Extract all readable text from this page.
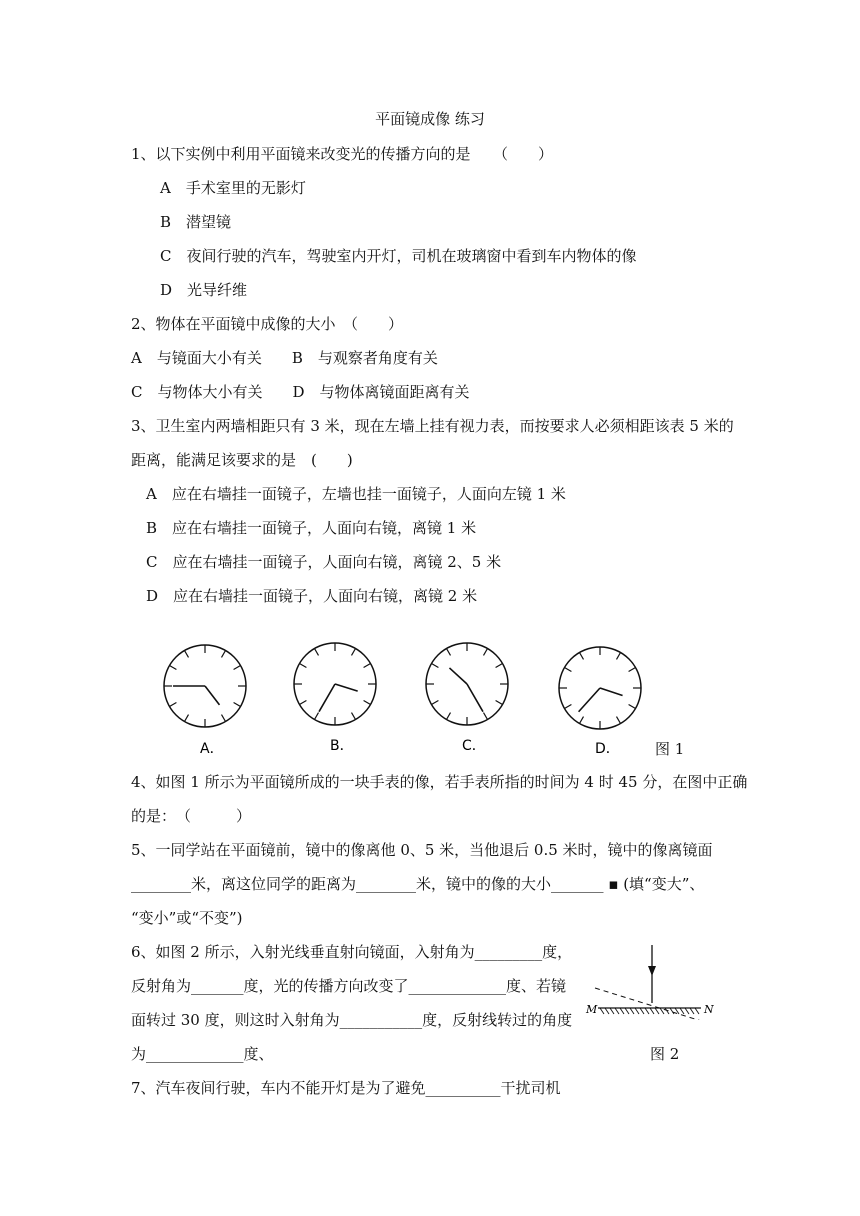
平面镜成像 练习
1、以下实例中利用平面镜来改变光的传播方向的是　　（　　）
A　手术室里的无影灯
B　潜望镜
C　夜间行驶的汽车，驾驶室内开灯，司机在玻璃窗中看到车内物体的像
D　光导纤维
2、物体在平面镜中成像的大小　（　　）
A　与镜面大小有关　　B　与观察者角度有关
C　与物体大小有关　　D　与物体离镜面距离有关
3、卫生室内两墙相距只有 3 米，现在左墙上挂有视力表，而按要求人必须相距该表 5 米的
距离，能满足该要求的是　(　　)
A　应在右墙挂一面镜子，左墙也挂一面镜子，人面向左镜 1 米
B　应在右墙挂一面镜子，人面向右镜，离镜 1 米
C　应在右墙挂一面镜子，人面向右镜，离镜 2、5 米
D　应在右墙挂一面镜子，人面向右镜，离镜 2 米
A．	B．	C．	D． 图 1
4、如图 1 所示为平面镜所成的一块手表的像，若手表所指的时间为 4 时 45 分，在图中正确
的是：　（　　　）
5、一同学站在平面镜前，镜中的像离他 0、5 米，当他退后 0.5 米时，镜中的像离镜面
________米，离这位同学的距离为________米，镜中的像的大小_______ ▪ (填“变大”、
“变小”或“不变”)
6、如图 2 所示，入射光线垂直射向镜面，入射角为_________度，
反射角为_______度，光的传播方向改变了_____________度、若镜
面转过 30 度，则这时入射角为___________度，反射线转过的角度
为_____________度、
M	N
图 2
7、汽车夜间行驶，车内不能开灯是为了避免__________干扰司机
